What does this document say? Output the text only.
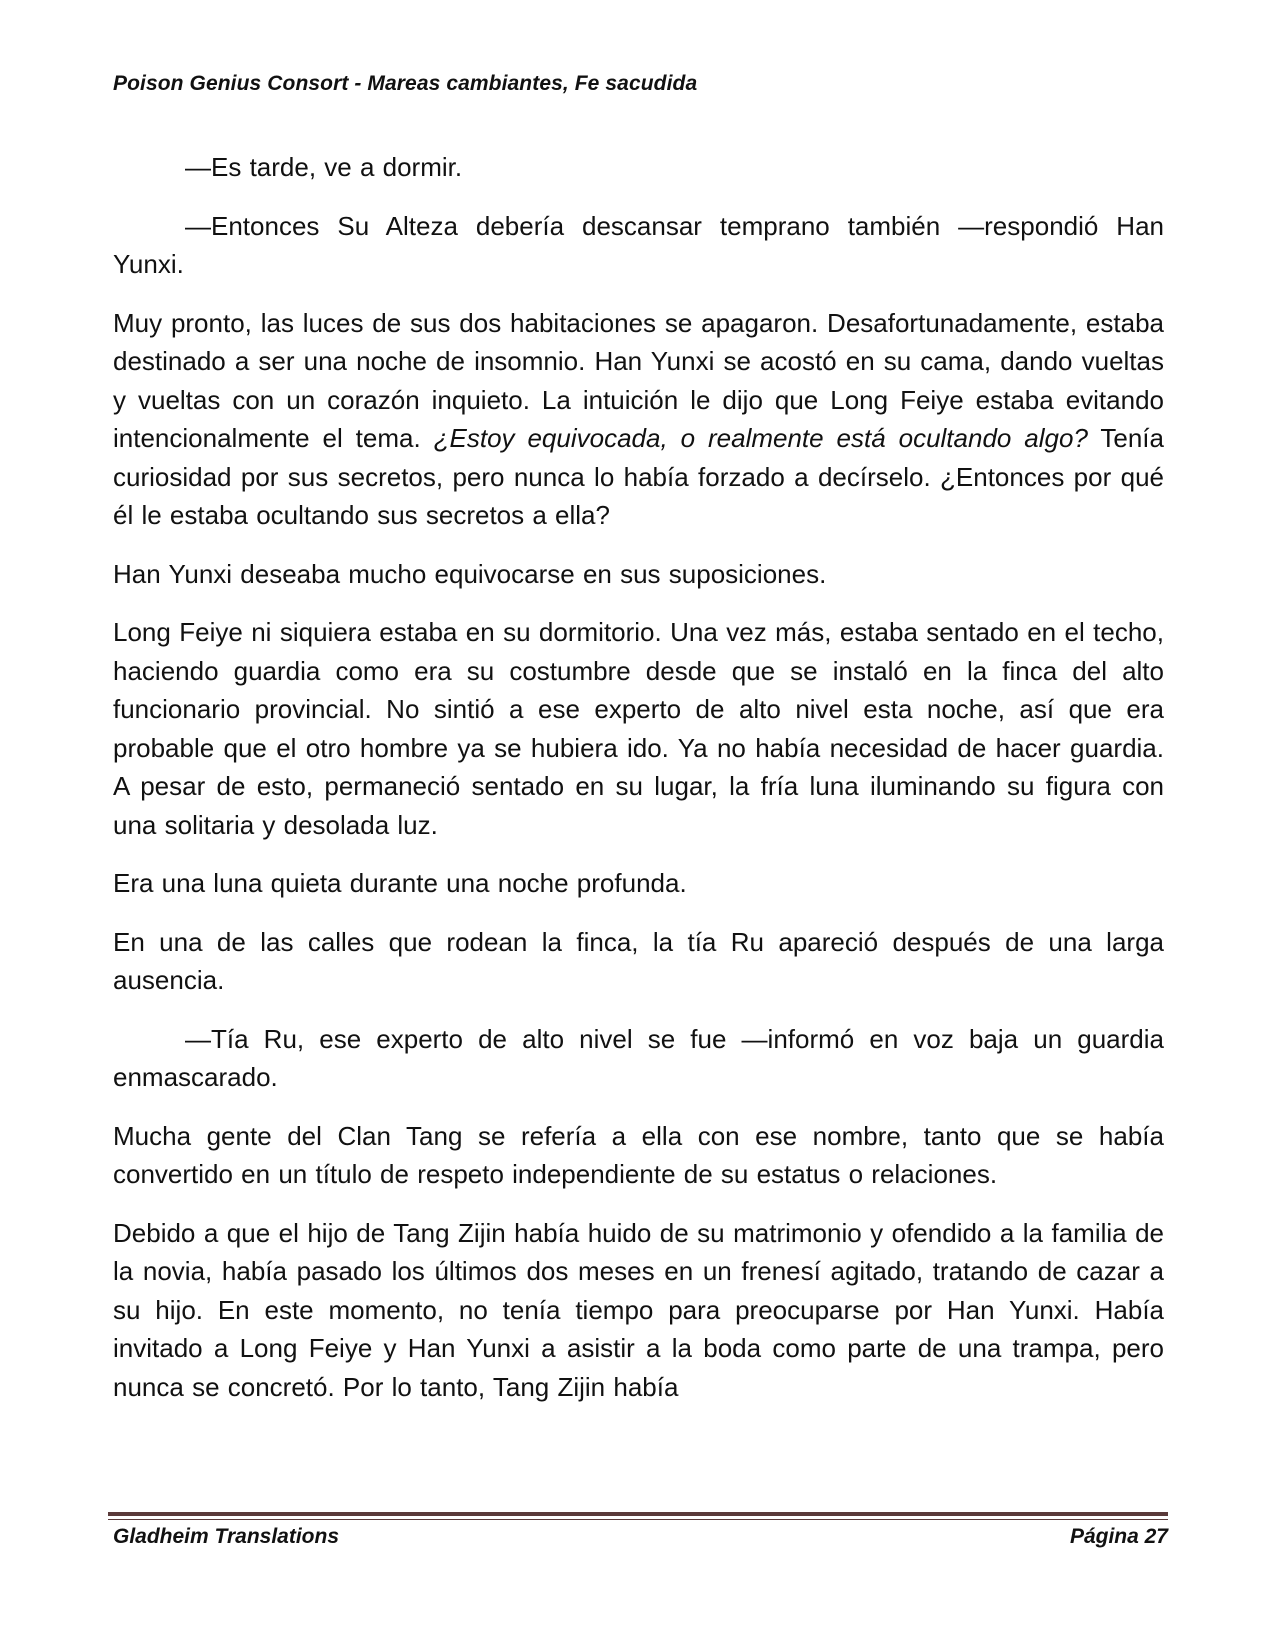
Poison Genius Consort - Mareas cambiantes, Fe sacudida

—Es tarde, ve a dormir.

—Entonces Su Alteza debería descansar temprano también —respondió Han Yunxi.

Muy pronto, las luces de sus dos habitaciones se apagaron. Desafortunadamente, estaba destinado a ser una noche de insomnio. Han Yunxi se acostó en su cama, dando vueltas y vueltas con un corazón inquieto. La intuición le dijo que Long Feiye estaba evitando intencionalmente el tema. ¿Estoy equivocada, o realmente está ocultando algo? Tenía curiosidad por sus secretos, pero nunca lo había forzado a decírselo. ¿Entonces por qué él le estaba ocultando sus secretos a ella?

Han Yunxi deseaba mucho equivocarse en sus suposiciones.

Long Feiye ni siquiera estaba en su dormitorio. Una vez más, estaba sentado en el techo, haciendo guardia como era su costumbre desde que se instaló en la finca del alto funcionario provincial. No sintió a ese experto de alto nivel esta noche, así que era probable que el otro hombre ya se hubiera ido. Ya no había necesidad de hacer guardia. A pesar de esto, permaneció sentado en su lugar, la fría luna iluminando su figura con una solitaria y desolada luz.

Era una luna quieta durante una noche profunda.

En una de las calles que rodean la finca, la tía Ru apareció después de una larga ausencia.

—Tía Ru, ese experto de alto nivel se fue —informó en voz baja un guardia enmascarado.

Mucha gente del Clan Tang se refería a ella con ese nombre, tanto que se había convertido en un título de respeto independiente de su estatus o relaciones.

Debido a que el hijo de Tang Zijin había huido de su matrimonio y ofendido a la familia de la novia, había pasado los últimos dos meses en un frenesí agitado, tratando de cazar a su hijo. En este momento, no tenía tiempo para preocuparse por Han Yunxi. Había invitado a Long Feiye y Han Yunxi a asistir a la boda como parte de una trampa, pero nunca se concretó. Por lo tanto, Tang Zijin había

Gladheim Translations	Página 27
